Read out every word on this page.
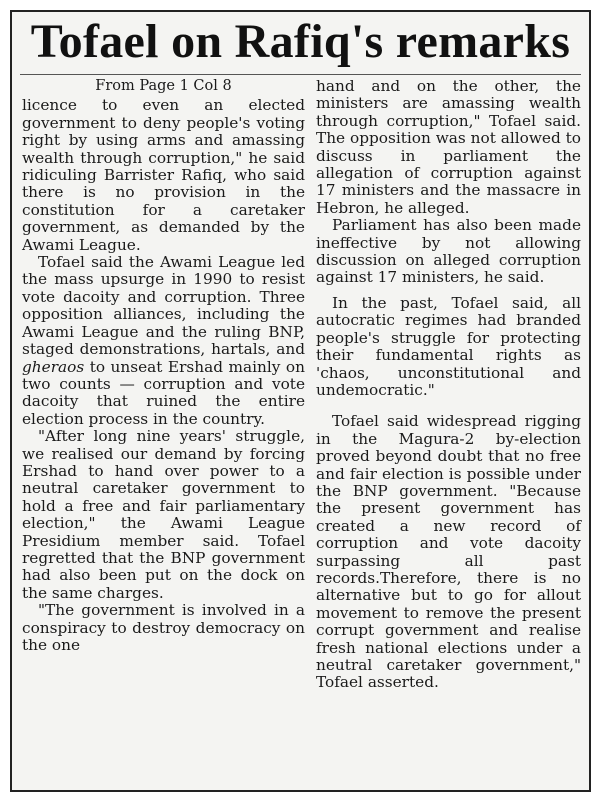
Tofael on Rafiq's remarks

From Page 1 Col 8

licence to even an elected government to deny people's voting right by using arms and amassing wealth through corruption," he said ridiculing Barrister Rafiq, who said there is no provision in the constitution for a caretaker government, as demanded by the Awami League.

Tofael said the Awami League led the mass upsurge in 1990 to resist vote dacoity and corruption. Three opposition alliances, including the Awami League and the ruling BNP, staged demonstrations, hartals, and gheraos to unseat Ershad mainly on two counts — corruption and vote dacoity that ruined the entire election process in the country.

"After long nine years' struggle, we realised our demand by forcing Ershad to hand over power to a neutral caretaker government to hold a free and fair parliamentary election," the Awami League Presidium member said. Tofael regretted that the BNP government had also been put on the dock on the same charges.

"The government is involved in a conspiracy to destroy democracy on the one

hand and on the other, the ministers are amassing wealth through corruption," Tofael said. The opposition was not allowed to discuss in parliament the allegation of corruption against 17 ministers and the massacre in Hebron, he alleged.

Parliament has also been made ineffective by not allowing discussion on alleged corruption against 17 ministers, he said.

In the past, Tofael said, all autocratic regimes had branded people's struggle for protecting their fundamental rights as 'chaos, unconstitutional and undemocratic."

Tofael said widespread rigging in the Magura-2 by-election proved beyond doubt that no free and fair election is possible under the BNP government. "Because the present government has created a new record of corruption and vote dacoity surpassing all past records.Therefore, there is no alternative but to go for allout movement to remove the present corrupt government and realise fresh national elections under a neutral caretaker government," Tofael asserted.
